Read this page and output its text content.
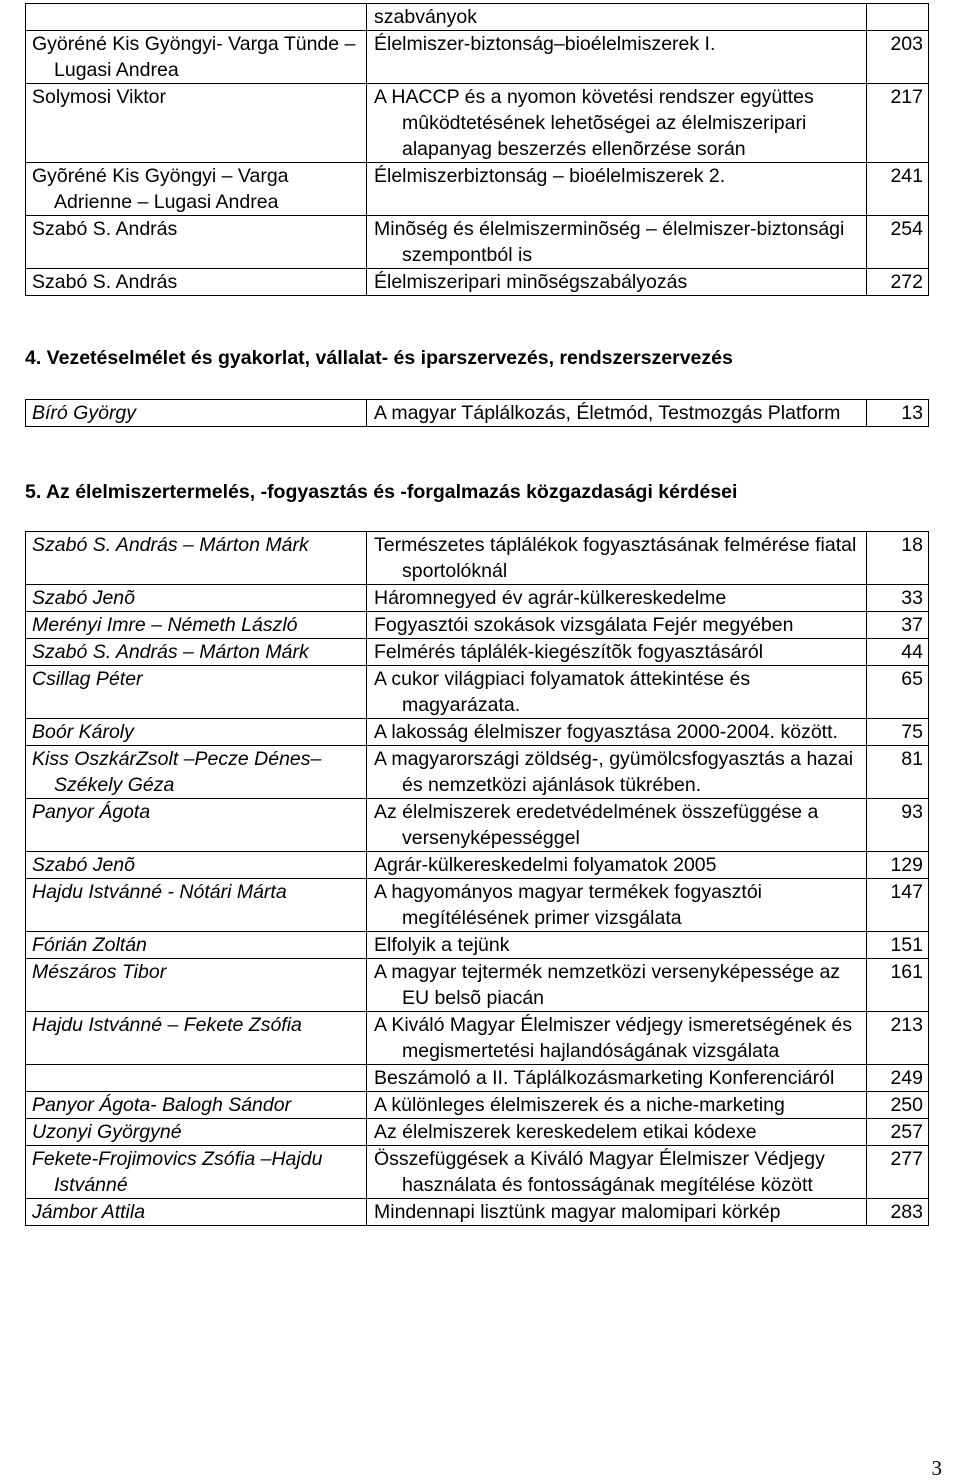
	szabványok	

Györéné Kis Gyöngyi- Varga Tünde – Lugasi Andrea	Élelmiszer-biztonság–bioélelmiszerek I.	203

Solymosi Viktor	A HACCP és a nyomon követési rendszer együttes mûködtetésének lehetõségei az élelmiszeripari alapanyag beszerzés ellenõrzése során	217

Gyõréné Kis Gyöngyi – Varga Adrienne – Lugasi Andrea	Élelmiszerbiztonság – bioélelmiszerek 2.	241

Szabó S. András	Minõség és élelmiszerminõség – élelmiszer-biztonsági szempontból is	254

Szabó S. András	Élelmiszeripari minõségszabályozás	272
4. Vezetéselmélet és gyakorlat, vállalat- és iparszervezés, rendszerszervezés
Bíró György	A magyar Táplálkozás, Életmód, Testmozgás Platform	13
5. Az élelmiszertermelés, -fogyasztás és -forgalmazás közgazdasági kérdései
Szabó S. András – Márton Márk	Természetes táplálékok fogyasztásának felmérése fiatal sportolóknál	18

Szabó Jenõ	Háromnegyed év agrár-külkereskedelme	33

Merényi Imre – Németh László	Fogyasztói szokások vizsgálata Fejér megyében	37

Szabó S. András – Márton Márk	Felmérés táplálék-kiegészítõk fogyasztásáról	44

Csillag Péter	A cukor világpiaci folyamatok áttekintése és magyarázata.	65

Boór Károly	A lakosság élelmiszer fogyasztása 2000-2004. között.	75

Kiss OszkárZsolt –Pecze Dénes– Székely Géza	A magyarországi zöldség-, gyümölcsfogyasztás a hazai és nemzetközi ajánlások tükrében.	81

Panyor Ágota	Az élelmiszerek eredetvédelmének összefüggése a versenyképességgel	93

Szabó Jenõ	Agrár-külkereskedelmi folyamatok 2005	129

Hajdu Istvánné - Nótári Márta	A hagyományos magyar termékek fogyasztói megítélésének primer vizsgálata	147

Fórián Zoltán	Elfolyik a tejünk	151

Mészáros Tibor	A magyar tejtermék nemzetközi versenyképessége az EU belsõ piacán	161

Hajdu Istvánné – Fekete Zsófia	A Kiváló Magyar Élelmiszer védjegy ismeretségének és megismertetési hajlandóságának vizsgálata	213

	Beszámoló a II. Táplálkozásmarketing Konferenciáról	249

Panyor Ágota- Balogh Sándor	A különleges élelmiszerek és a niche-marketing	250

Uzonyi Györgyné	Az élelmiszerek kereskedelem etikai kódexe	257

Fekete-Frojimovics Zsófia –Hajdu Istvánné	Összefüggések a Kiváló Magyar Élelmiszer Védjegy használata és fontosságának megítélése között	277

Jámbor Attila	Mindennapi lisztünk magyar malomipari körkép	283
3
